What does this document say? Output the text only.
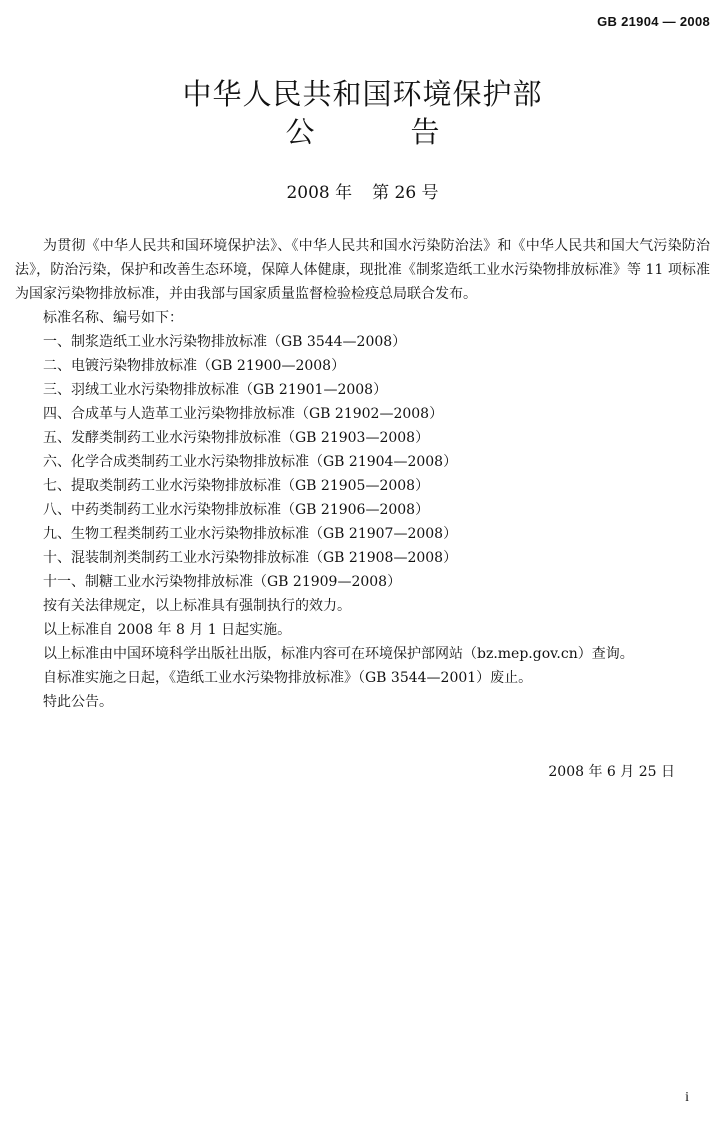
GB 21904 — 2008
中华人民共和国环境保护部
公	告
2008 年 第 26 号

为贯彻《中华人民共和国环境保护法》、《中华人民共和国水污染防治法》和《中华人民共和国大气污染防治法》，防治污染，保护和改善生态环境，保障人体健康，现批准《制浆造纸工业水污染物排放标准》等 11 项标准为国家污染物排放标准，并由我部与国家质量监督检验检疫总局联合发布。

标准名称、编号如下：

一、制浆造纸工业水污染物排放标准（GB 3544—2008）
二、电镀污染物排放标准（GB 21900—2008）
三、羽绒工业水污染物排放标准（GB 21901—2008）
四、合成革与人造革工业污染物排放标准（GB 21902—2008）
五、发酵类制药工业水污染物排放标准（GB 21903—2008）
六、化学合成类制药工业水污染物排放标准（GB 21904—2008）
七、提取类制药工业水污染物排放标准（GB 21905—2008）
八、中药类制药工业水污染物排放标准（GB 21906—2008）
九、生物工程类制药工业水污染物排放标准（GB 21907—2008）
十、混装制剂类制药工业水污染物排放标准（GB 21908—2008）
十一、制糖工业水污染物排放标准（GB 21909—2008）

按有关法律规定，以上标准具有强制执行的效力。

以上标准自 2008 年 8 月 1 日起实施。

以上标准由中国环境科学出版社出版，标准内容可在环境保护部网站（bz.mep.gov.cn）查询。

自标准实施之日起，《造纸工业水污染物排放标准》（GB 3544—2001）废止。

特此公告。

2008 年 6 月 25 日
i
